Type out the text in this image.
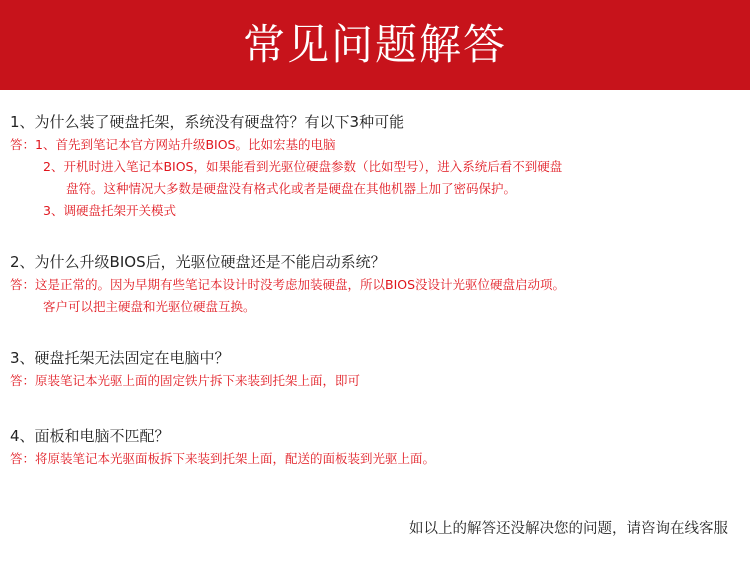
常见问题解答
1、为什么装了硬盘托架，系统没有硬盘符？有以下3种可能
答：1、首先到笔记本官方网站升级BIOS。比如宏基的电脑
2、开机时进入笔记本BIOS，如果能看到光驱位硬盘参数（比如型号），进入系统后看不到硬盘
盘符。这种情况大多数是硬盘没有格式化或者是硬盘在其他机器上加了密码保护。
3、调硬盘托架开关模式
2、为什么升级BIOS后，光驱位硬盘还是不能启动系统？
答：这是正常的。因为早期有些笔记本设计时没考虑加装硬盘，所以BIOS没设计光驱位硬盘启动项。
客户可以把主硬盘和光驱位硬盘互换。
3、硬盘托架无法固定在电脑中？
答：原装笔记本光驱上面的固定铁片拆下来装到托架上面，即可
4、面板和电脑不匹配？
答：将原装笔记本光驱面板拆下来装到托架上面，配送的面板装到光驱上面。
如以上的解答还没解决您的问题，请咨询在线客服
